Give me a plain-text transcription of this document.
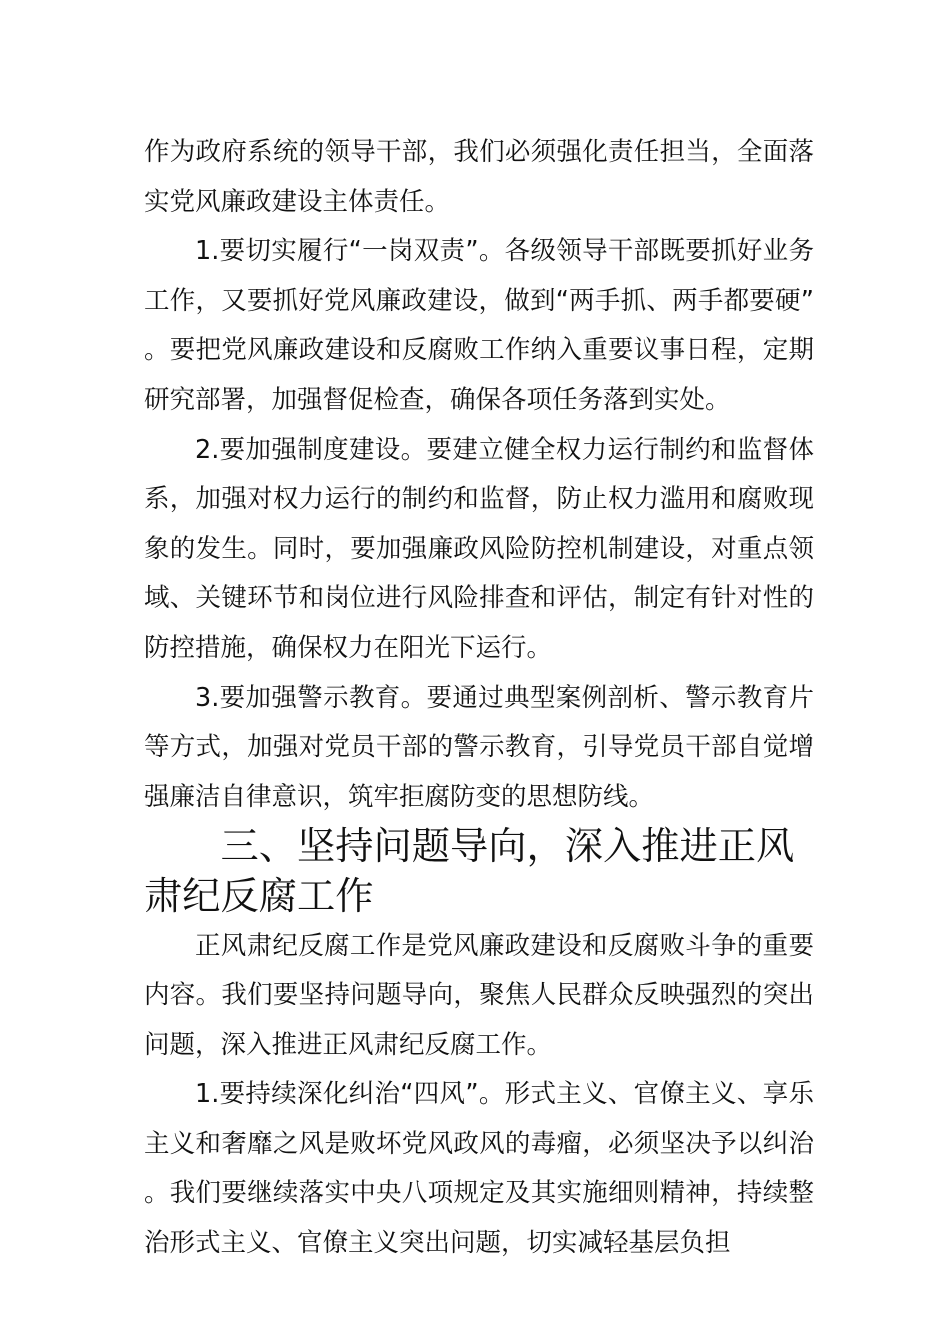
作为政府系统的领导干部，我们必须强化责任担当，全面落实党风廉政建设主体责任。

1.要切实履行“一岗双责”。各级领导干部既要抓好业务工作，又要抓好党风廉政建设，做到“两手抓、两手都要硬”。要把党风廉政建设和反腐败工作纳入重要议事日程，定期研究部署，加强督促检查，确保各项任务落到实处。

2.要加强制度建设。要建立健全权力运行制约和监督体系，加强对权力运行的制约和监督，防止权力滥用和腐败现象的发生。同时，要加强廉政风险防控机制建设，对重点领域、关键环节和岗位进行风险排查和评估，制定有针对性的防控措施，确保权力在阳光下运行。

3.要加强警示教育。要通过典型案例剖析、警示教育片等方式，加强对党员干部的警示教育，引导党员干部自觉增强廉洁自律意识，筑牢拒腐防变的思想防线。

三、坚持问题导向，深入推进正风肃纪反腐工作

正风肃纪反腐工作是党风廉政建设和反腐败斗争的重要内容。我们要坚持问题导向，聚焦人民群众反映强烈的突出问题，深入推进正风肃纪反腐工作。

1.要持续深化纠治“四风”。形式主义、官僚主义、享乐主义和奢靡之风是败坏党风政风的毒瘤，必须坚决予以纠治。我们要继续落实中央八项规定及其实施细则精神，持续整治形式主义、官僚主义突出问题，切实减轻基层负担
